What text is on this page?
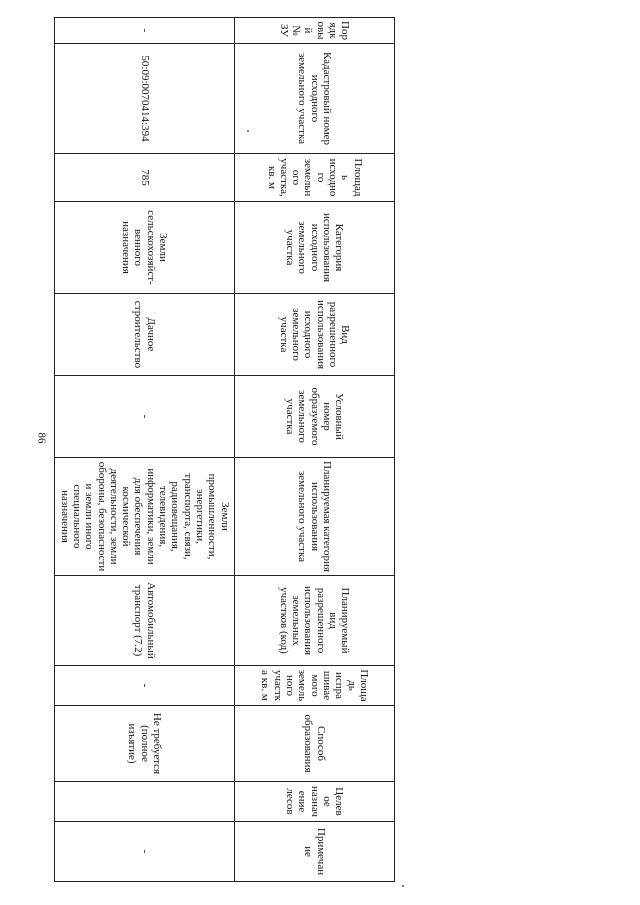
86
Порядковый № ЗУ	Кадастровый номер исходного земельного участка	Площадь исходного земельного участка, кв. м	Категория использования исходного земельного участка	Вид разрешенного использования исходного земельного участка	Условный номер образуемого земельного участка	Планируемая категория использования земельного участка	Планируемый вид разрешенного использования земельных участков (код)	Площадь испрашиваемого земельного участка кв. м	Способ образования	Целевое назначение лесов	Примечание
-	50:09:0070414:394	785	Земли сельскохозяйст-венного назначения	Дачное строительство	-	Земли промышленности, энергетики, транспорта, связи, радиовещания, телевидения, информатики, земли для обеспечения космической деятельности, земли обороны, безопасности и земли иного специального назначения	Автомобильный транспорт (7.2)	-	Не требуется (полное изъятие)		-
